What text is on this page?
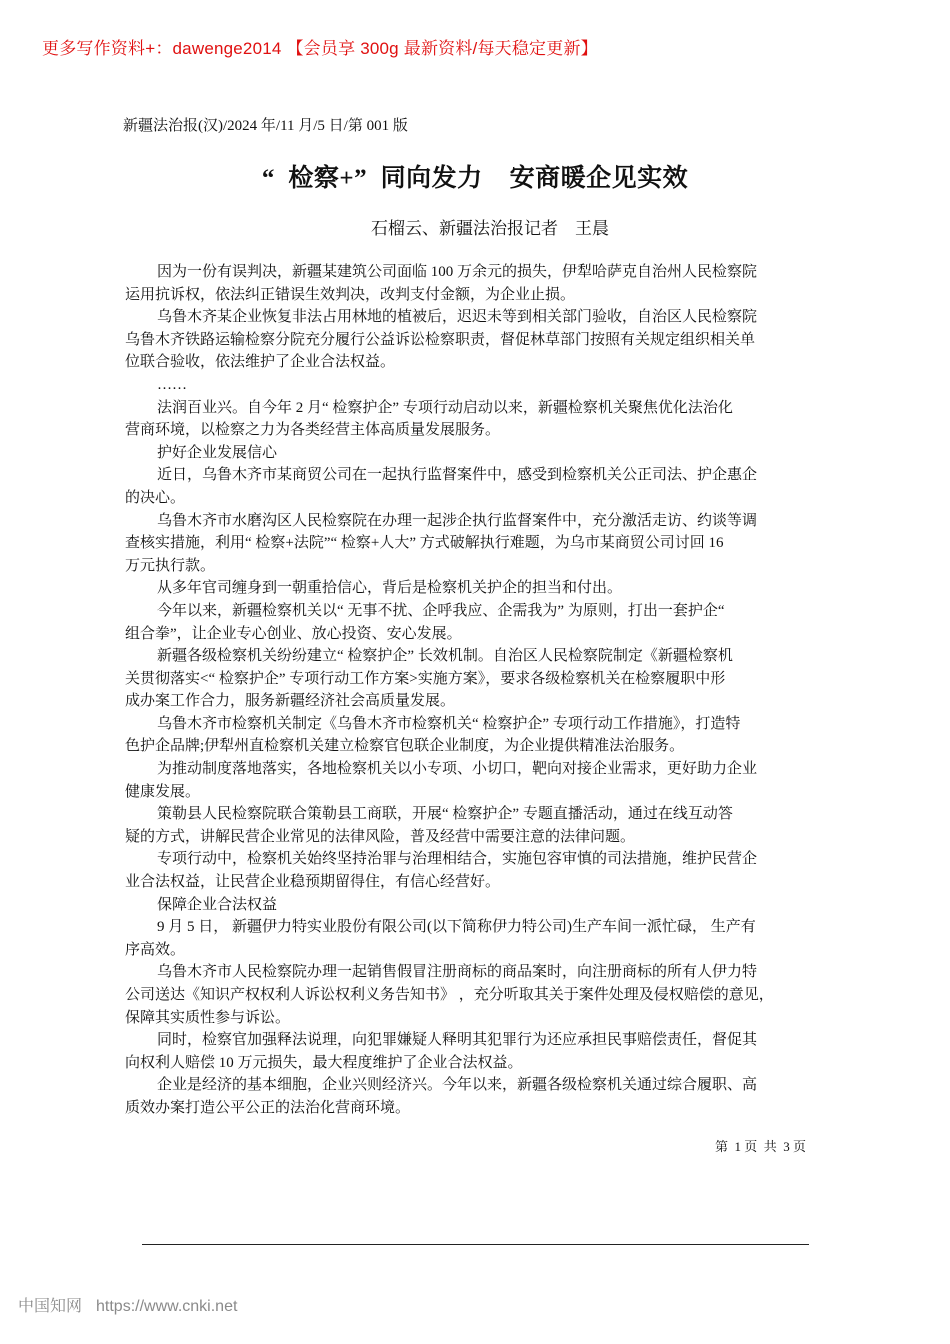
更多写作资料+：dawenge2014 【会员享 300g 最新资料/每天稳定更新】
新疆法治报(汉)/2024 年/11 月/5 日/第 001 版
“  检察+”  同向发力    安商暖企见实效
石榴云、新疆法治报记者    王晨
因为一份有误判决，新疆某建筑公司面临 100 万余元的损失，伊犁哈萨克自治州人民检察院
运用抗诉权，依法纠正错误生效判决，改判支付金额，为企业止损。
乌鲁木齐某企业恢复非法占用林地的植被后，迟迟未等到相关部门验收，自治区人民检察院
乌鲁木齐铁路运输检察分院充分履行公益诉讼检察职责，督促林草部门按照有关规定组织相关单
位联合验收，依法维护了企业合法权益。
……
法润百业兴。自今年 2 月“ 检察护企” 专项行动启动以来，新疆检察机关聚焦优化法治化
营商环境，以检察之力为各类经营主体高质量发展服务。
护好企业发展信心
近日，乌鲁木齐市某商贸公司在一起执行监督案件中，感受到检察机关公正司法、护企惠企
的决心。
乌鲁木齐市水磨沟区人民检察院在办理一起涉企执行监督案件中，充分激活走访、约谈等调
查核实措施，利用“ 检察+法院”“ 检察+人大” 方式破解执行难题，为乌市某商贸公司讨回 16
万元执行款。
从多年官司缠身到一朝重拾信心，背后是检察机关护企的担当和付出。
今年以来，新疆检察机关以“ 无事不扰、企呼我应、企需我为” 为原则，打出一套护企“
组合拳”，让企业专心创业、放心投资、安心发展。
新疆各级检察机关纷纷建立“ 检察护企” 长效机制。自治区人民检察院制定《新疆检察机
关贯彻落实<“ 检察护企” 专项行动工作方案>实施方案》，要求各级检察机关在检察履职中形
成办案工作合力，服务新疆经济社会高质量发展。
乌鲁木齐市检察机关制定《乌鲁木齐市检察机关“ 检察护企” 专项行动工作措施》，打造特
色护企品牌;伊犁州直检察机关建立检察官包联企业制度，为企业提供精准法治服务。
为推动制度落地落实，各地检察机关以小专项、小切口，靶向对接企业需求，更好助力企业
健康发展。
策勒县人民检察院联合策勒县工商联，开展“ 检察护企” 专题直播活动，通过在线互动答
疑的方式，讲解民营企业常见的法律风险，普及经营中需要注意的法律问题。
专项行动中，检察机关始终坚持治罪与治理相结合，实施包容审慎的司法措施，维护民营企
业合法权益，让民营企业稳预期留得住，有信心经营好。
保障企业合法权益
9 月 5 日， 新疆伊力特实业股份有限公司(以下简称伊力特公司)生产车间一派忙碌， 生产有
序高效。
乌鲁木齐市人民检察院办理一起销售假冒注册商标的商品案时，向注册商标的所有人伊力特
公司送达《知识产权权利人诉讼权利义务告知书》 ，充分听取其关于案件处理及侵权赔偿的意见，
保障其实质性参与诉讼。
同时，检察官加强释法说理，向犯罪嫌疑人释明其犯罪行为还应承担民事赔偿责任，督促其
向权利人赔偿 10 万元损失，最大程度维护了企业合法权益。
企业是经济的基本细胞，企业兴则经济兴。今年以来，新疆各级检察机关通过综合履职、高
质效办案打造公平公正的法治化营商环境。
第  1 页  共  3 页
中国知网 https://www.cnki.net
